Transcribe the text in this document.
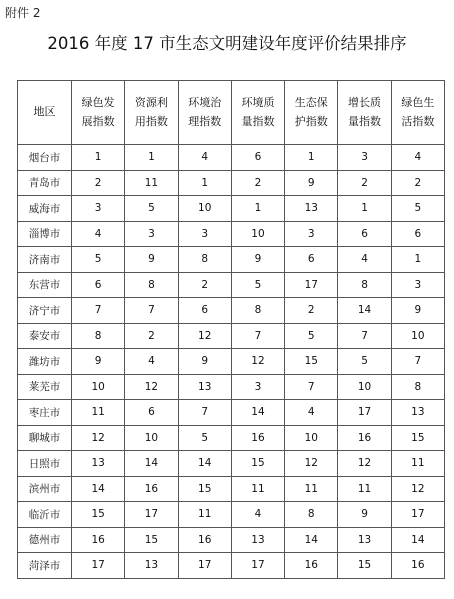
附件 2
2016 年度 17 市生态文明建设年度评价结果排序
地区	绿色发展指数	资源利用指数	环境治理指数	环境质量指数	生态保护指数	增长质量指数	绿色生活指数
烟台市	1	1	4	6	1	3	4
青岛市	2	11	1	2	9	2	2
威海市	3	5	10	1	13	1	5
淄博市	4	3	3	10	3	6	6
济南市	5	9	8	9	6	4	1
东营市	6	8	2	5	17	8	3
济宁市	7	7	6	8	2	14	9
泰安市	8	2	12	7	5	7	10
潍坊市	9	4	9	12	15	5	7
莱芜市	10	12	13	3	7	10	8
枣庄市	11	6	7	14	4	17	13
聊城市	12	10	5	16	10	16	15
日照市	13	14	14	15	12	12	11
滨州市	14	16	15	11	11	11	12
临沂市	15	17	11	4	8	9	17
德州市	16	15	16	13	14	13	14
菏泽市	17	13	17	17	16	15	16
